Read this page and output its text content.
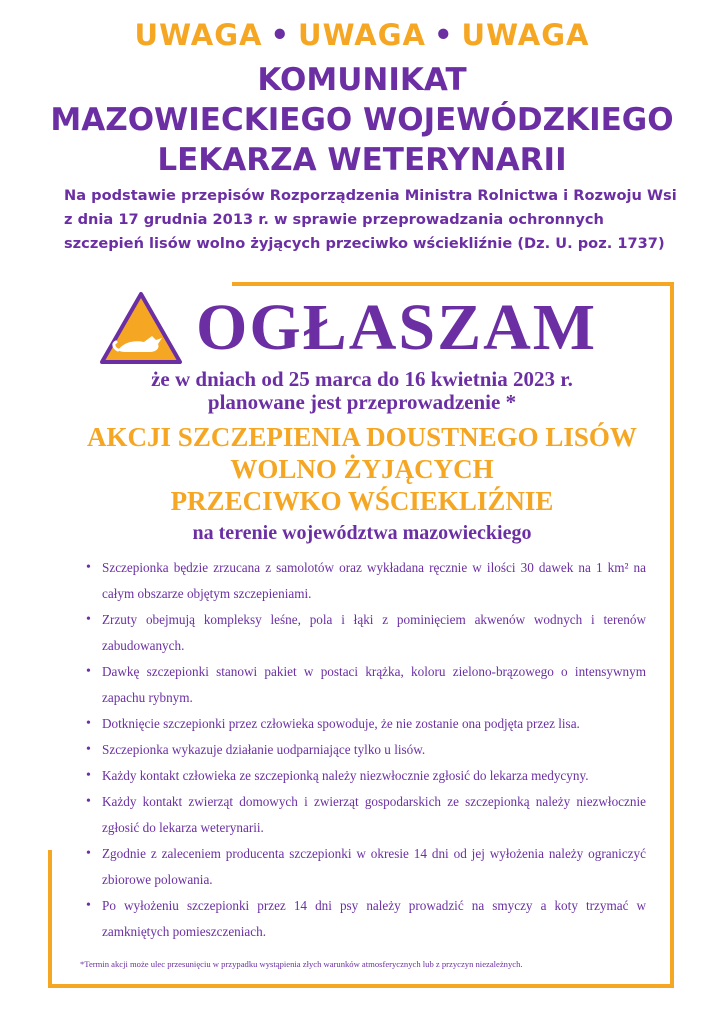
UWAGA • UWAGA • UWAGA
KOMUNIKAT
MAZOWIECKIEGO WOJEWÓDZKIEGO
LEKARZA WETERYNARII
Na podstawie przepisów Rozporządzenia Ministra Rolnictwa i Rozwoju Wsi z dnia 17 grudnia 2013 r. w sprawie przeprowadzania ochronnych szczepień lisów wolno żyjących przeciwko wściekliźnie (Dz. U. poz. 1737)
OGŁASZAM
że w dniach od 25 marca do 16 kwietnia 2023 r.
planowane jest przeprowadzenie *
AKCJI SZCZEPIENIA DOUSTNEGO LISÓW
WOLNO ŻYJĄCYCH
PRZECIWKO WŚCIEKLIŹNIE
na terenie województwa mazowieckiego
• Szczepionka będzie zrzucana z samolotów oraz wykładana ręcznie w ilości 30 dawek na 1 km² na całym obszarze objętym szczepieniami.
• Zrzuty obejmują kompleksy leśne, pola i łąki z pominięciem akwenów wodnych i terenów zabudowanych.
• Dawkę szczepionki stanowi pakiet w postaci krążka, koloru zielono-brązowego o intensywnym zapachu rybnym.
• Dotknięcie szczepionki przez człowieka spowoduje, że nie zostanie ona podjęta przez lisa.
• Szczepionka wykazuje działanie uodparniające tylko u lisów.
• Każdy kontakt człowieka ze szczepionką należy niezwłocznie zgłosić do lekarza medycyny.
• Każdy kontakt zwierząt domowych i zwierząt gospodarskich ze szczepionką należy niezwłocznie zgłosić do lekarza weterynarii.
• Zgodnie z zaleceniem producenta szczepionki w okresie 14 dni od jej wyłożenia należy ograniczyć zbiorowe polowania.
• Po wyłożeniu szczepionki przez 14 dni psy należy prowadzić na smyczy a koty trzymać w zamkniętych pomieszczeniach.
*Termin akcji może ulec przesunięciu w przypadku wystąpienia złych warunków atmosferycznych lub z przyczyn niezależnych.
